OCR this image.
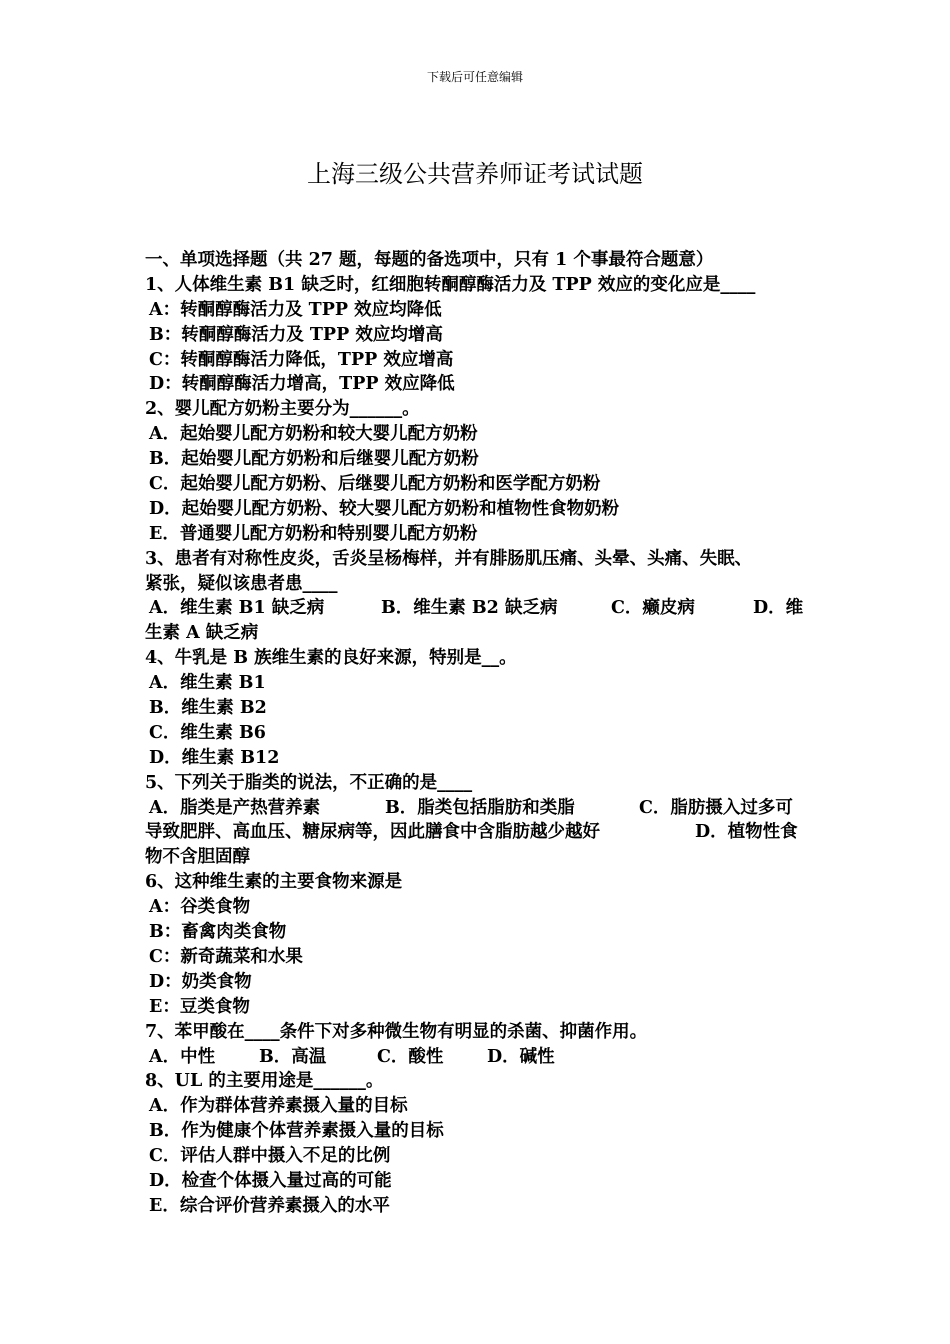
下载后可任意编辑
上海三级公共营养师证考试试题
一、单项选择题（共 27 题，每题的备选项中，只有 1 个事最符合题意）
1、人体维生素 B1 缺乏时，红细胞转酮醇酶活力及 TPP 效应的变化应是____
A：转酮醇酶活力及 TPP 效应均降低
B：转酮醇酶活力及 TPP 效应均增高
C：转酮醇酶活力降低，TPP 效应增高
D：转酮醇酶活力增高，TPP 效应降低
2、婴儿配方奶粉主要分为______。
A．起始婴儿配方奶粉和较大婴儿配方奶粉
B．起始婴儿配方奶粉和后继婴儿配方奶粉
C．起始婴儿配方奶粉、后继婴儿配方奶粉和医学配方奶粉
D．起始婴儿配方奶粉、较大婴儿配方奶粉和植物性食物奶粉
E．普通婴儿配方奶粉和特别婴儿配方奶粉
3、患者有对称性皮炎，舌炎呈杨梅样，并有腓肠肌压痛、头晕、头痛、失眠、
紧张，疑似该患者患____
A．维生素 B1 缺乏病	B．维生素 B2 缺乏病	C．癞皮病	D．维
生素 A 缺乏病
4、牛乳是 B 族维生素的良好来源，特别是__。
A．维生素 B1
B．维生素 B2
C．维生素 B6
D．维生素 B12
5、下列关于脂类的说法，不正确的是____
A．脂类是产热营养素	B．脂类包括脂肪和类脂	C．脂肪摄入过多可
导致肥胖、高血压、糖尿病等，因此膳食中含脂肪越少越好	D．植物性食
物不含胆固醇
6、这种维生素的主要食物来源是
A：谷类食物
B：畜禽肉类食物
C：新奇蔬菜和水果
D：奶类食物
E：豆类食物
7、苯甲酸在____条件下对多种微生物有明显的杀菌、抑菌作用。
A．中性	B．高温	C．酸性	D．碱性
8、UL 的主要用途是______。
A．作为群体营养素摄入量的目标
B．作为健康个体营养素摄入量的目标
C．评估人群中摄入不足的比例
D．检查个体摄入量过高的可能
E．综合评价营养素摄入的水平
